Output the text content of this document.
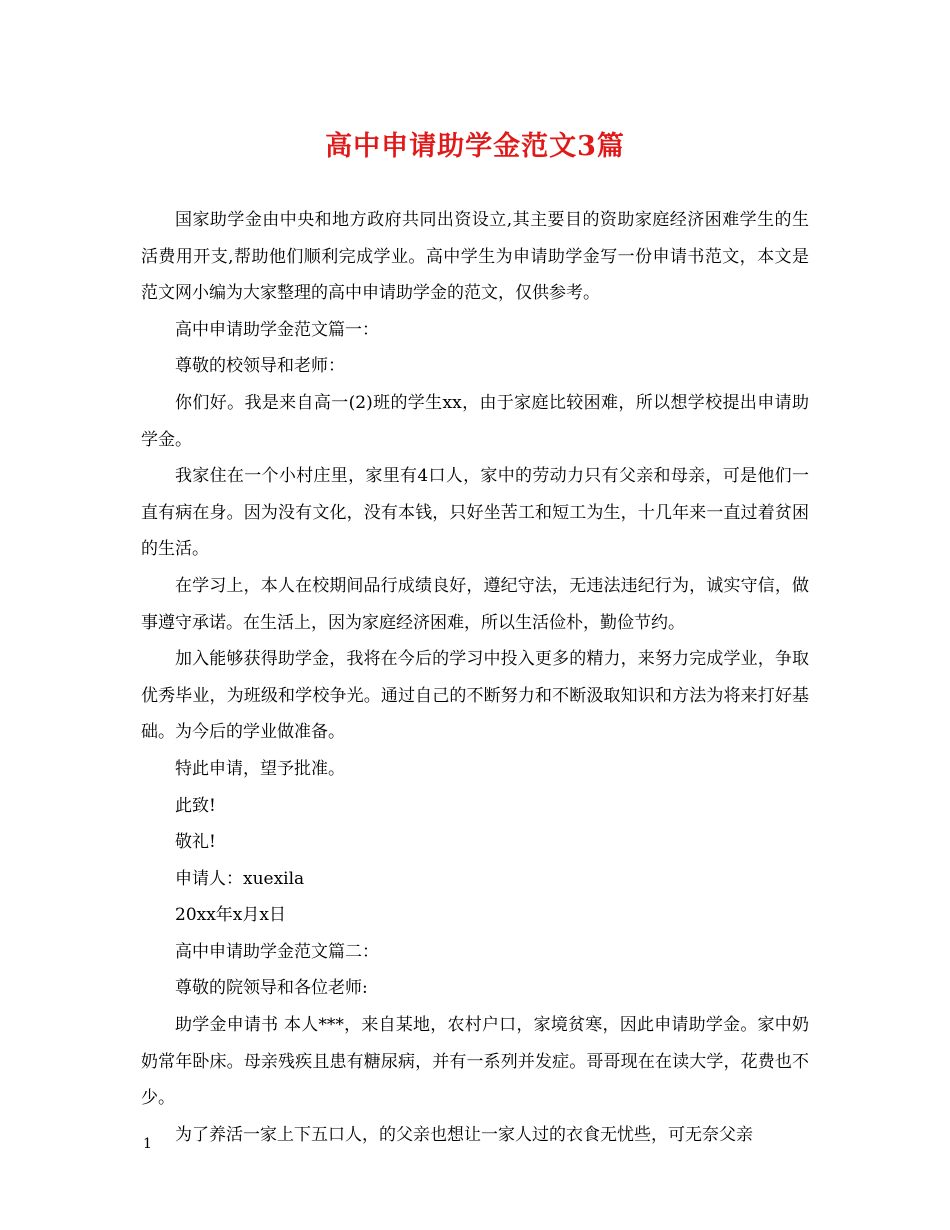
高中申请助学金范文3篇

国家助学金由中央和地方政府共同出资设立,其主要目的资助家庭经济困难学生的生活费用开支,帮助他们顺利完成学业。高中学生为申请助学金写一份申请书范文，本文是范文网小编为大家整理的高中申请助学金的范文，仅供参考。

高中申请助学金范文篇一：

尊敬的校领导和老师：

你们好。我是来自高一(2)班的学生xx，由于家庭比较困难，所以想学校提出申请助学金。

我家住在一个小村庄里，家里有4口人，家中的劳动力只有父亲和母亲，可是他们一直有病在身。因为没有文化，没有本钱，只好坐苦工和短工为生，十几年来一直过着贫困的生活。

在学习上，本人在校期间品行成绩良好，遵纪守法，无违法违纪行为，诚实守信，做事遵守承诺。在生活上，因为家庭经济困难，所以生活俭朴，勤俭节约。

加入能够获得助学金，我将在今后的学习中投入更多的精力，来努力完成学业，争取优秀毕业，为班级和学校争光。通过自己的不断努力和不断汲取知识和方法为将来打好基础。为今后的学业做准备。

特此申请，望予批准。

此致!

敬礼!

申请人：xuexila

20xx年x月x日

高中申请助学金范文篇二：

尊敬的院领导和各位老师:

助学金申请书 本人***，来自某地，农村户口，家境贫寒，因此申请助学金。家中奶奶常年卧床。母亲残疾且患有糖尿病，并有一系列并发症。哥哥现在在读大学，花费也不少。

为了养活一家上下五口人，的父亲也想让一家人过的衣食无忧些，可无奈父亲

1
